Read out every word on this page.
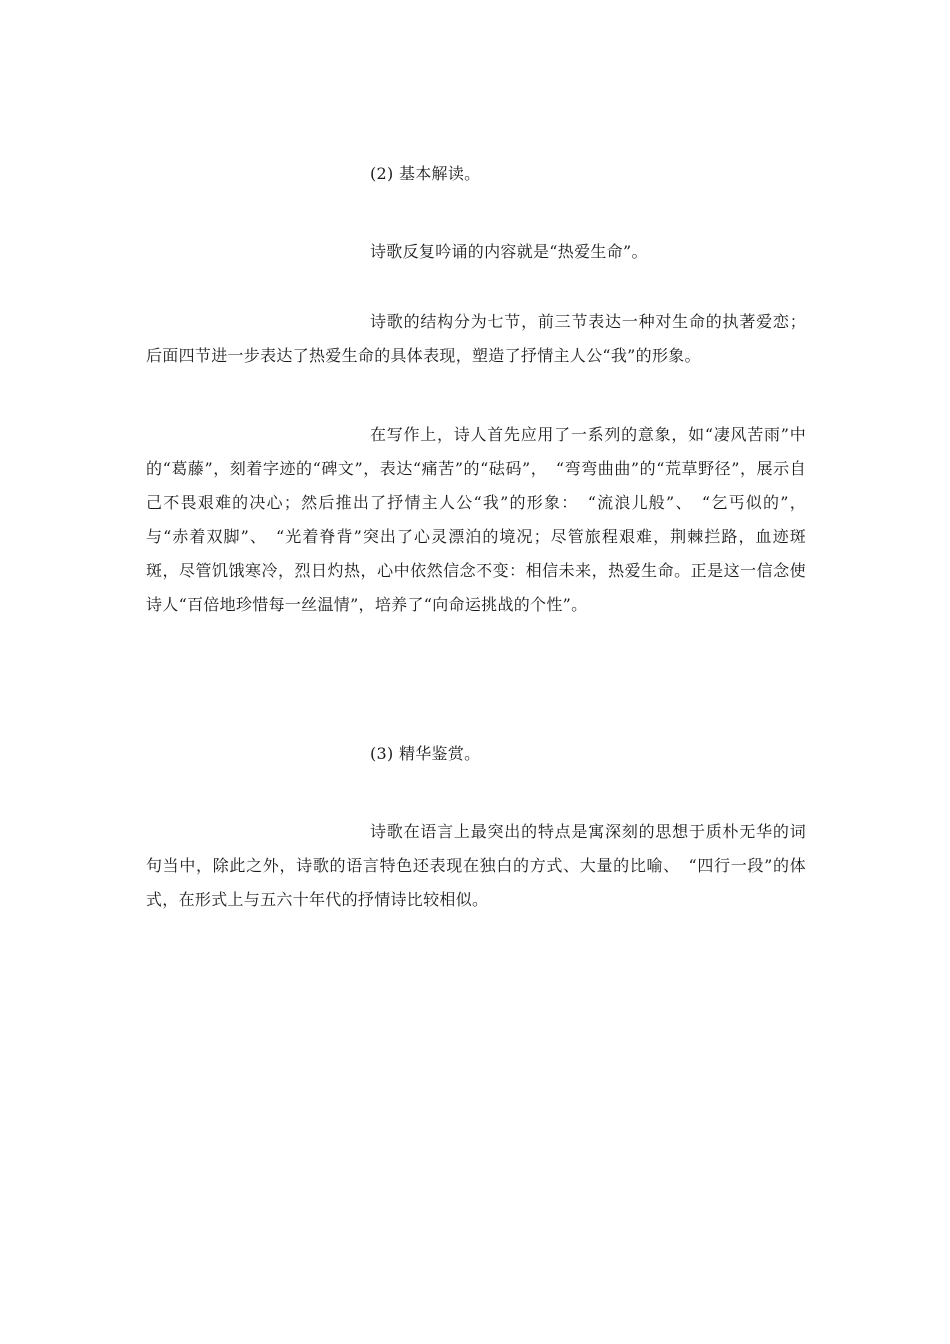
(2) 基本解读。

诗歌反复吟诵的内容就是“热爱生命”。

诗歌的结构分为七节，前三节表达一种对生命的执著爱恋；后面四节进一步表达了热爱生命的具体表现，塑造了抒情主人公“我”的形象。

在写作上，诗人首先应用了一系列的意象，如“凄风苦雨”中的“葛藤”，刻着字迹的“碑文”，表达“痛苦”的“砝码”，　“弯弯曲曲”的“荒草野径”，展示自己不畏艰难的决心；然后推出了抒情主人公“我”的形象：　“流浪儿般”、　“乞丐似的”，与“赤着双脚”、　“光着脊背”突出了心灵漂泊的境况；尽管旅程艰难，荆棘拦路，血迹斑斑，尽管饥饿寒冷，烈日灼热，心中依然信念不变：相信未来，热爱生命。正是这一信念使诗人“百倍地珍惜每一丝温情”，培养了“向命运挑战的个性”。

(3) 精华鉴赏。

诗歌在语言上最突出的特点是寓深刻的思想于质朴无华的词句当中，除此之外，诗歌的语言特色还表现在独白的方式、大量的比喻、　“四行一段”的体式，在形式上与五六十年代的抒情诗比较相似。
